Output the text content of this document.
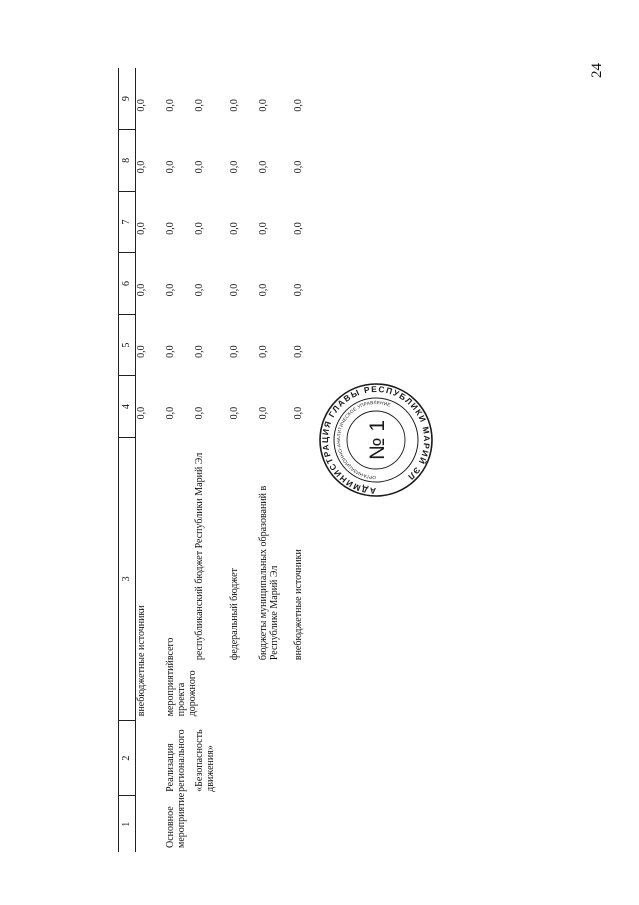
24
1	2	3		4	5	6	7	8	9
		внебюджетные источники		0,0	0,0	0,0	0,0	0,0	0,0
Основное мероприятие	Реализация регионального	мероприятий проекта дорожного	всего	0,0	0,0	0,0	0,0	0,0	0,0
	«Безопасность движения»		республиканский бюджет Республики Марий Эл	0,0	0,0	0,0	0,0	0,0	0,0
			федеральный бюджет	0,0	0,0	0,0	0,0	0,0	0,0
			бюджеты муниципальных образований в Республике Марий Эл	0,0	0,0	0,0	0,0	0,0	0,0
			внебюджетные источники	0,0	0,0	0,0	0,0	0,0	0,0
АДМИНИСТРАЦИЯ ГЛАВЫ РЕСПУБЛИКИ МАРИЙ ЭЛ
ОРГАНИЗАЦИОННО-АНАЛИТИЧЕСКОЕ УПРАВЛЕНИЕ
№ 1
